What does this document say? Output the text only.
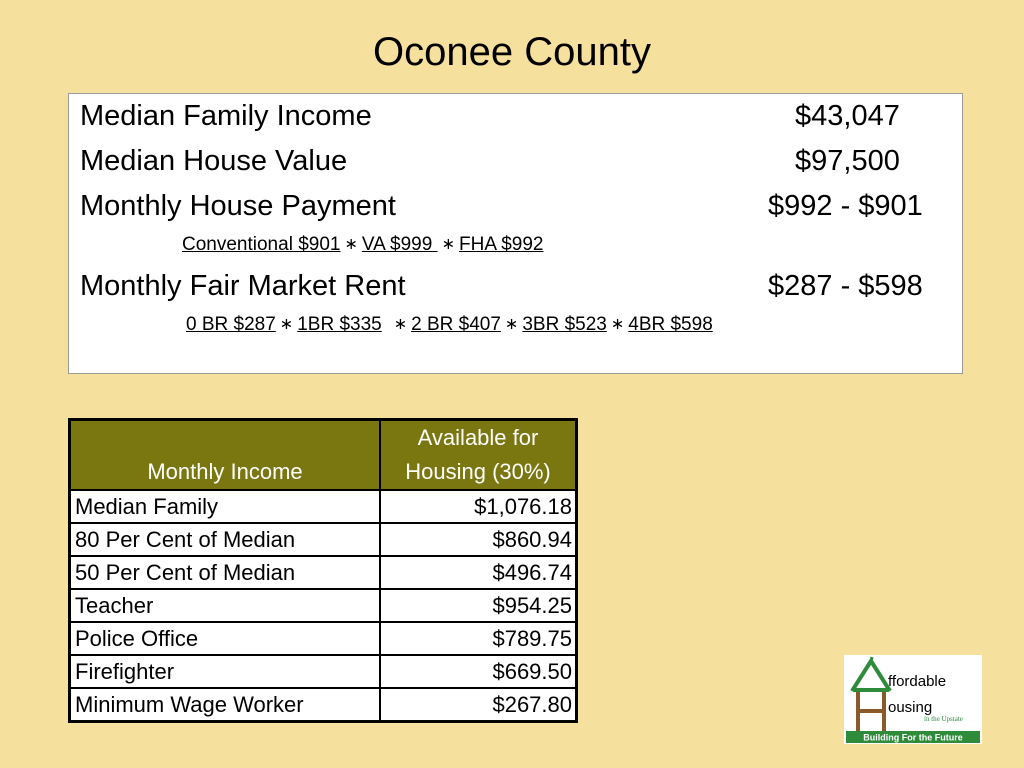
Oconee County
Median Family Income	$43,047
Median House Value	$97,500
Monthly House Payment	$992 - $901
Conventional $901 ∗ VA $999 ∗ FHA $992
Monthly Fair Market Rent	$287 - $598
0 BR $287 ∗ 1BR $335 ∗ 2 BR $407 ∗ 3BR $523 ∗ 4BR $598
Monthly Income	Available for
Housing (30%)

Median Family	$1,076.18
80 Per Cent of Median	$860.94
50 Per Cent of Median	$496.74
Teacher	$954.25
Police Office	$789.75
Firefighter	$669.50
Minimum Wage Worker	$267.80
ffordable
ousing
in the Upstate
Building For the Future
